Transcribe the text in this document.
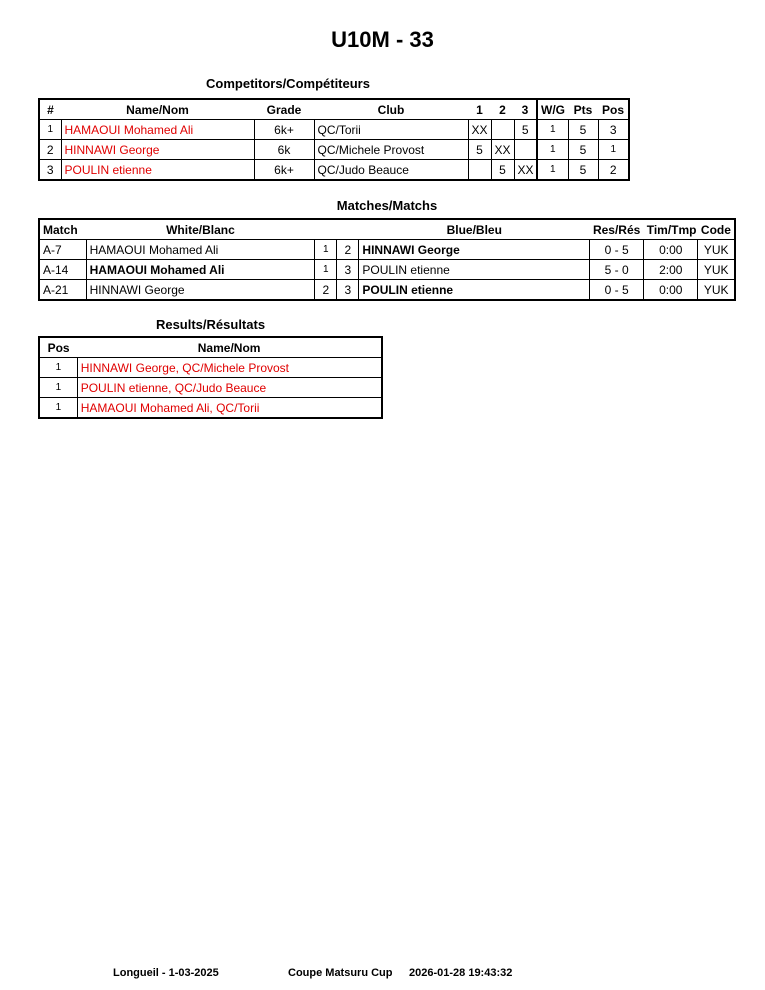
U10M - 33
Competitors/Compétiteurs
#	Name/Nom	Grade	Club	1	2	3	W/G	Pts	Pos
1	HAMAOUI Mohamed Ali	6k+	QC/Torii	XX		5	1	5	3
2	HINNAWI George	6k	QC/Michele Provost	5	XX		1	5	1
3	POULIN etienne	6k+	QC/Judo Beauce		5	XX	1	5	2
Matches/Matchs
Match	White/Blanc			Blue/Bleu	Res/Rés	Tim/Tmp	Code
A-7	HAMAOUI Mohamed Ali	1	2	HINNAWI George	0 - 5	0:00	YUK
A-14	HAMAOUI Mohamed Ali	1	3	POULIN etienne	5 - 0	2:00	YUK
A-21	HINNAWI George	2	3	POULIN etienne	0 - 5	0:00	YUK
Results/Résultats
Pos	Name/Nom
1	HINNAWI George, QC/Michele Provost
1	POULIN etienne, QC/Judo Beauce
1	HAMAOUI Mohamed Ali, QC/Torii
Longueil - 1-03-2025	Coupe Matsuru Cup 2026-01-28 19:43:32
